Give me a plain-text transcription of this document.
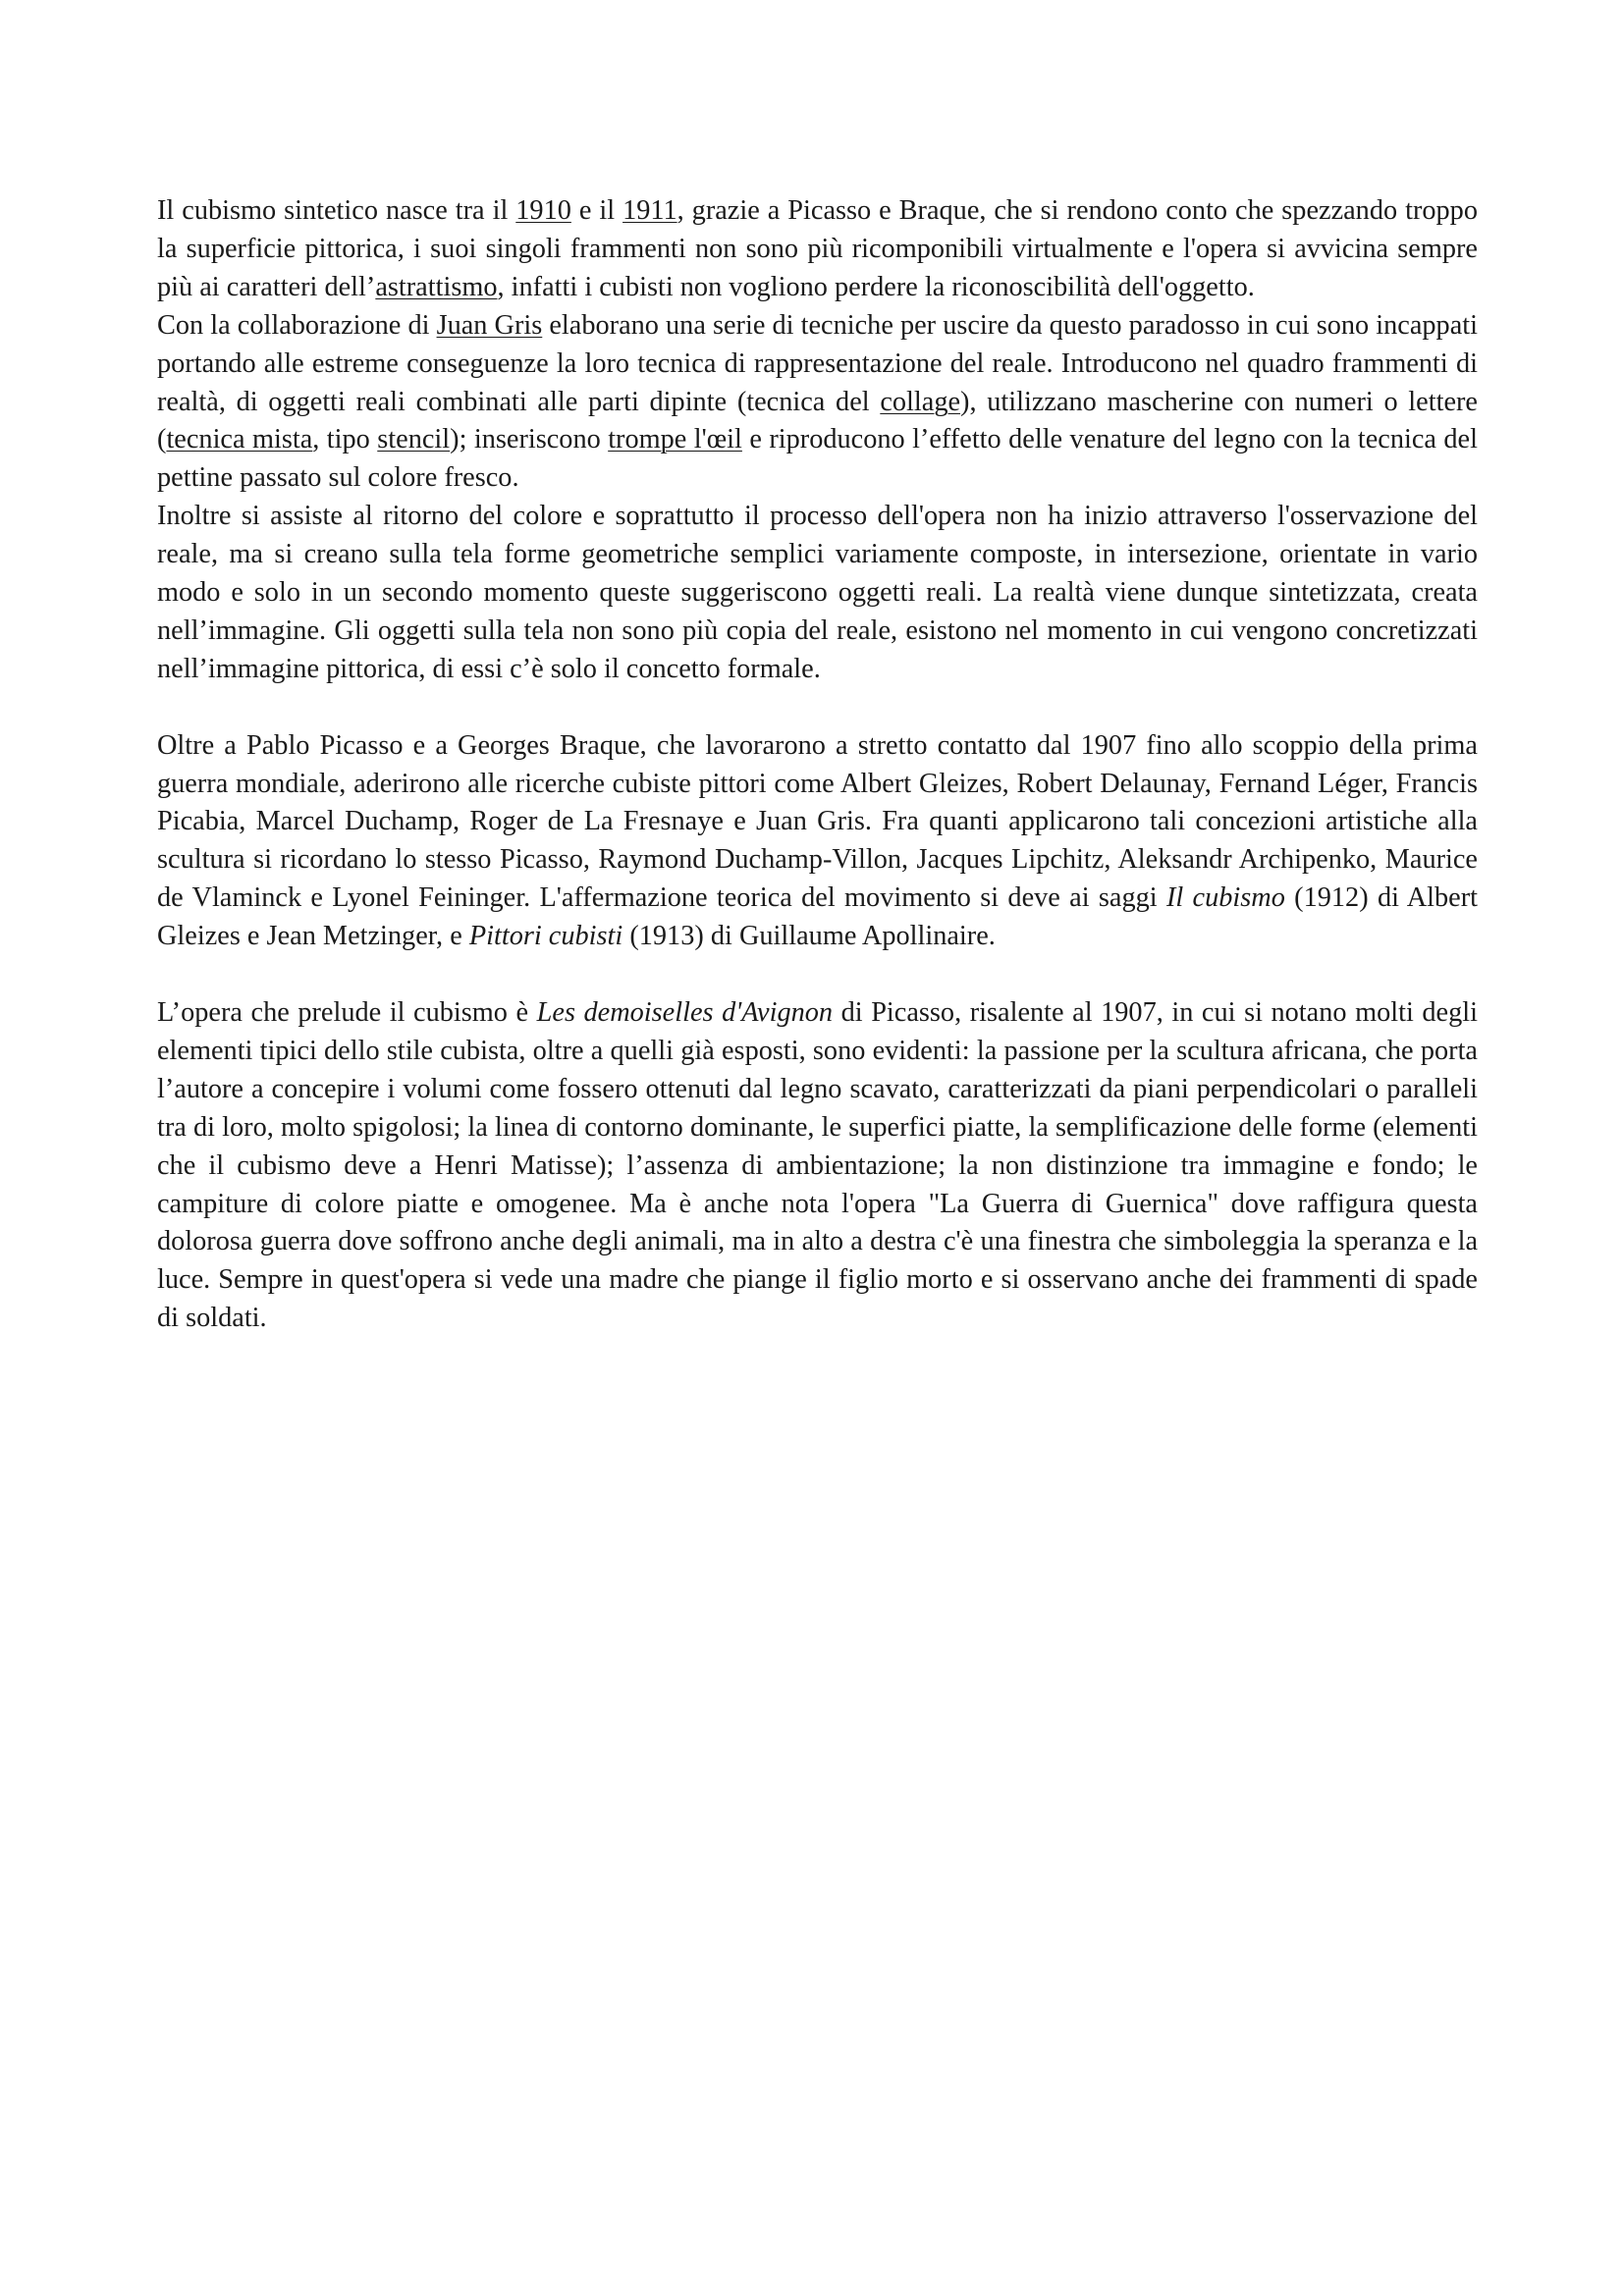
Il cubismo sintetico nasce tra il 1910 e il 1911, grazie a Picasso e Braque, che si rendono conto che spezzando troppo la superficie pittorica, i suoi singoli frammenti non sono più ricomponibili virtualmente e l'opera si avvicina sempre più ai caratteri dell’astrattismo, infatti i cubisti non vogliono perdere la riconoscibilità dell'oggetto.

Con la collaborazione di Juan Gris elaborano una serie di tecniche per uscire da questo paradosso in cui sono incappati portando alle estreme conseguenze la loro tecnica di rappresentazione del reale. Introducono nel quadro frammenti di realtà, di oggetti reali combinati alle parti dipinte (tecnica del collage), utilizzano mascherine con numeri o lettere (tecnica mista, tipo stencil); inseriscono trompe l'œil e riproducono l’effetto delle venature del legno con la tecnica del pettine passato sul colore fresco.

Inoltre si assiste al ritorno del colore e soprattutto il processo dell'opera non ha inizio attraverso l'osservazione del reale, ma si creano sulla tela forme geometriche semplici variamente composte, in intersezione, orientate in vario modo e solo in un secondo momento queste suggeriscono oggetti reali. La realtà viene dunque sintetizzata, creata nell’immagine. Gli oggetti sulla tela non sono più copia del reale, esistono nel momento in cui vengono concretizzati nell’immagine pittorica, di essi c’è solo il concetto formale.

Oltre a Pablo Picasso e a Georges Braque, che lavorarono a stretto contatto dal 1907 fino allo scoppio della prima guerra mondiale, aderirono alle ricerche cubiste pittori come Albert Gleizes, Robert Delaunay, Fernand Léger, Francis Picabia, Marcel Duchamp, Roger de La Fresnaye e Juan Gris. Fra quanti applicarono tali concezioni artistiche alla scultura si ricordano lo stesso Picasso, Raymond Duchamp-Villon, Jacques Lipchitz, Aleksandr Archipenko, Maurice de Vlaminck e Lyonel Feininger. L'affermazione teorica del movimento si deve ai saggi Il cubismo (1912) di Albert Gleizes e Jean Metzinger, e Pittori cubisti (1913) di Guillaume Apollinaire.

L’opera che prelude il cubismo è Les demoiselles d'Avignon di Picasso, risalente al 1907, in cui si notano molti degli elementi tipici dello stile cubista, oltre a quelli già esposti, sono evidenti: la passione per la scultura africana, che porta l’autore a concepire i volumi come fossero ottenuti dal legno scavato, caratterizzati da piani perpendicolari o paralleli tra di loro, molto spigolosi; la linea di contorno dominante, le superfici piatte, la semplificazione delle forme (elementi che il cubismo deve a Henri Matisse); l’assenza di ambientazione; la non distinzione tra immagine e fondo; le campiture di colore piatte e omogenee. Ma è anche nota l'opera "La Guerra di Guernica" dove raffigura questa dolorosa guerra dove soffrono anche degli animali, ma in alto a destra c'è una finestra che simboleggia la speranza e la luce. Sempre in quest'opera si vede una madre che piange il figlio morto e si osservano anche dei frammenti di spade di soldati.
